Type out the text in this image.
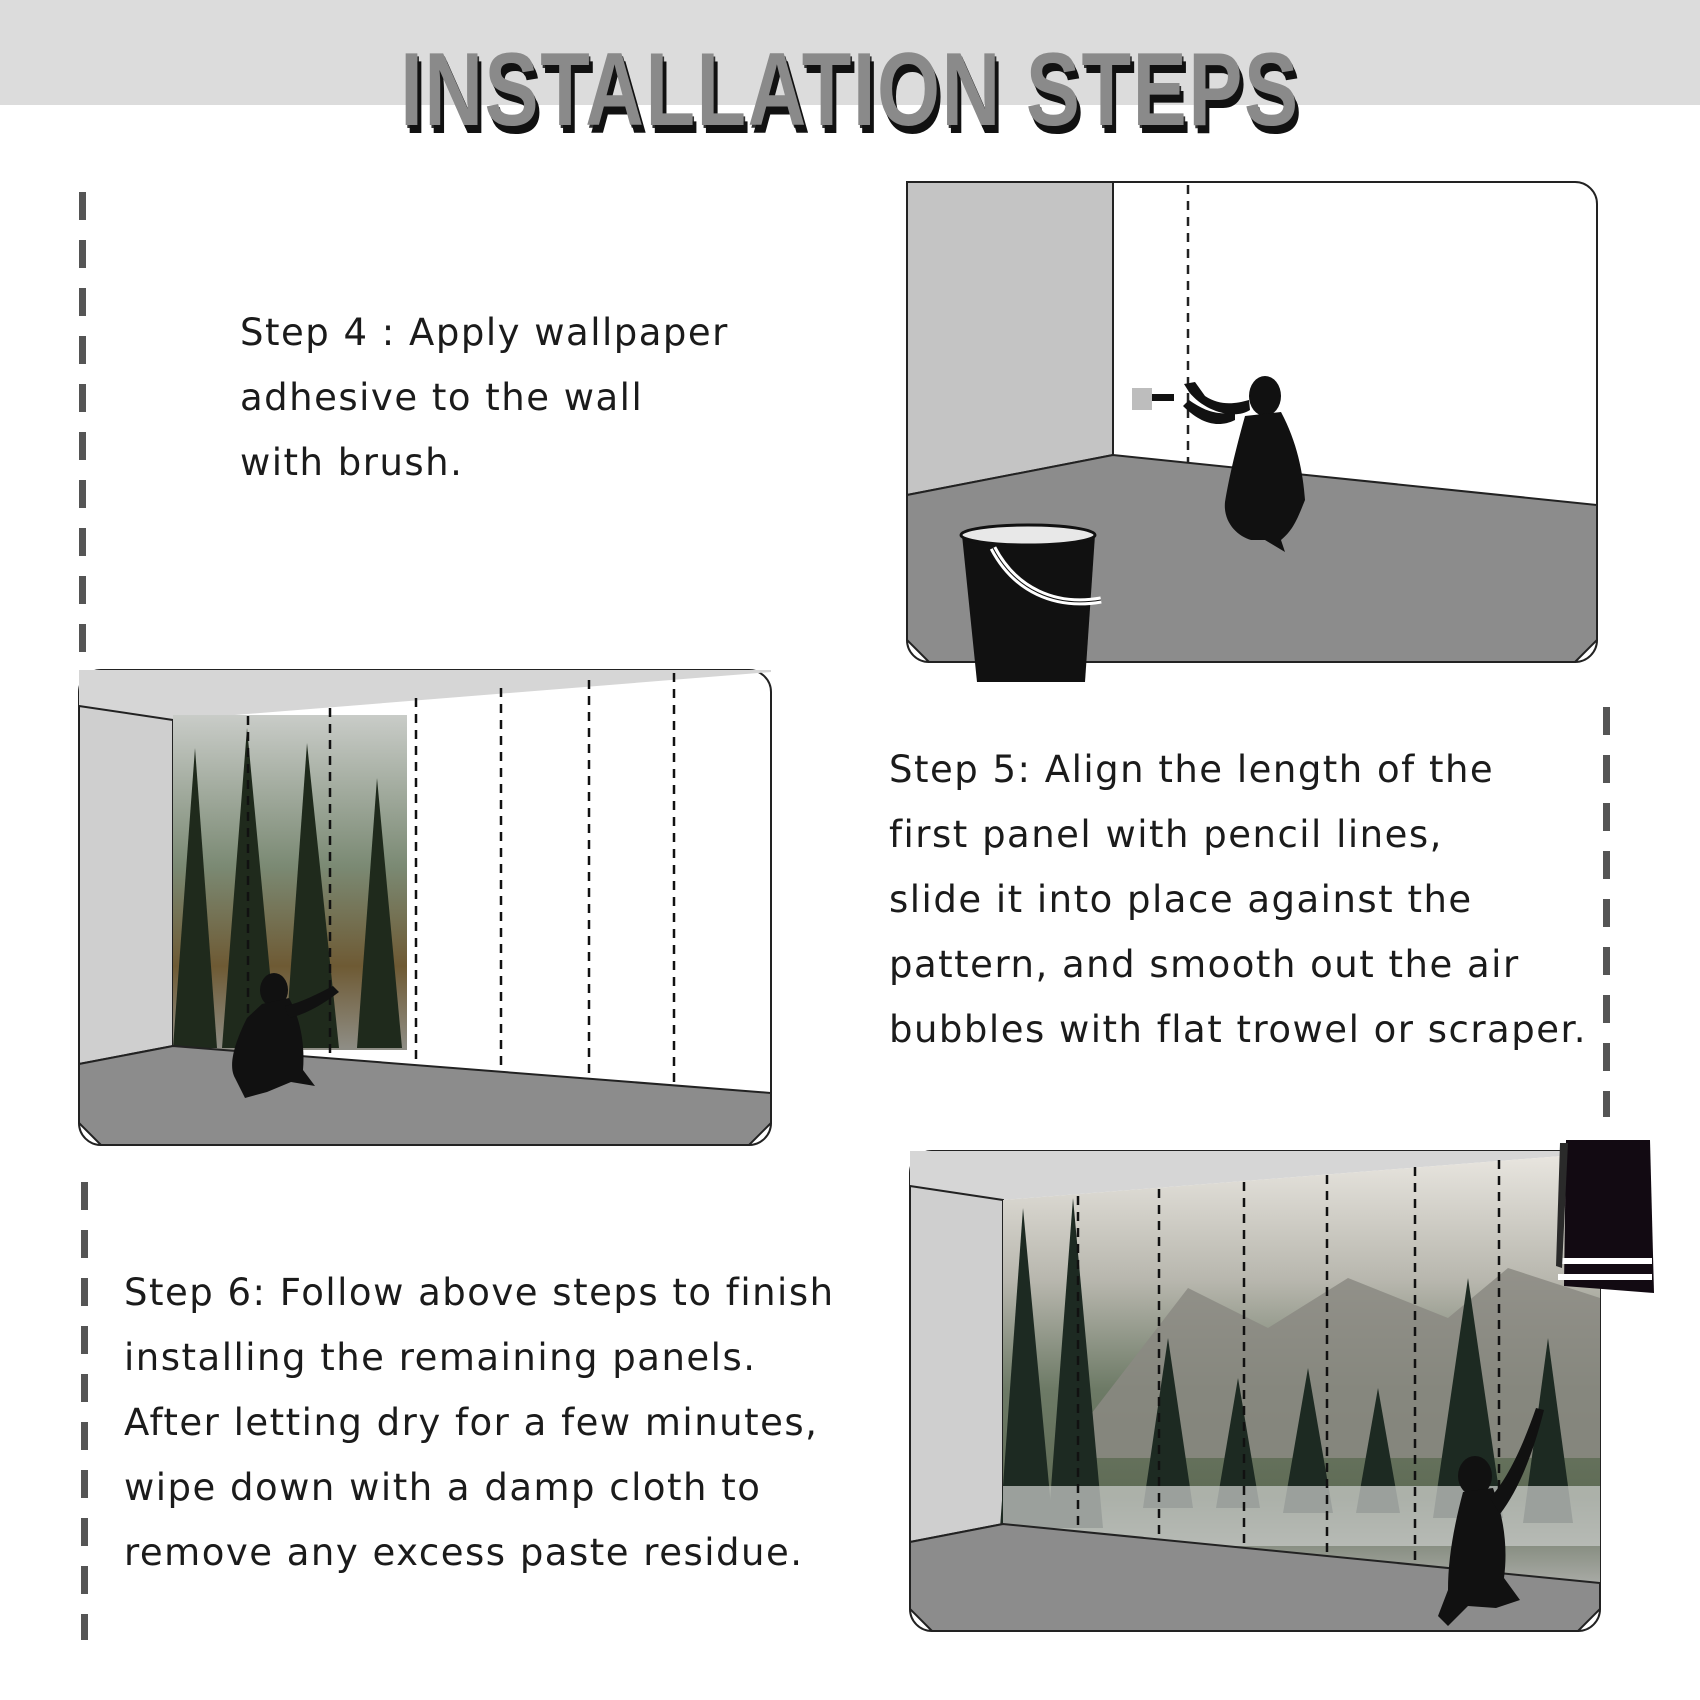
INSTALLATION STEPS

Step 4 : Apply wallpaper
adhesive to the wall
with brush.

Step 5: Align the length of the
first panel with pencil lines,
slide it into place against the
pattern, and smooth out the air
bubbles with flat trowel or scraper.

Step 6: Follow above steps to finish
installing the remaining panels.
After letting dry for a few minutes,
wipe down with a damp cloth to
remove any excess paste residue.
